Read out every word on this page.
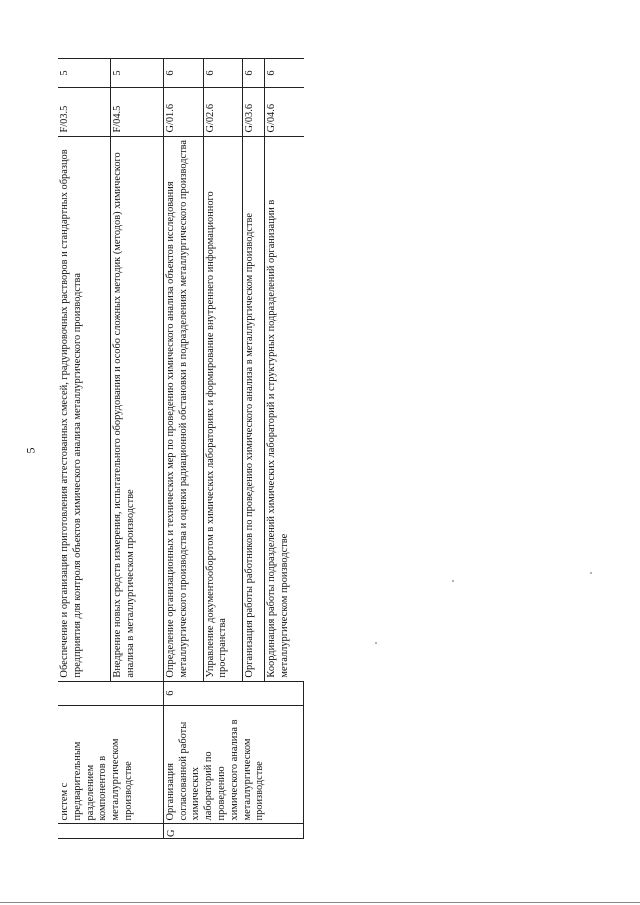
5
	систем с предварительным разделением компонентов в металлургическом производстве		Обеспечение и организация приготовления аттестованных смесей, градуировочных растворов и стандартных образцов предприятия для контроля объектов химического анализа металлургического производства	F/03.5	5
			Внедрение новых средств измерения, испытательного оборудования и особо сложных методик (методов) химического анализа в металлургическом производстве	F/04.5	5
G	Организация согласованной работы химических лабораторий по проведению химического анализа в металлургическом производстве	6	Определение организационных и технических мер по проведению химического анализа объектов исследования металлургического производства и оценки радиационной обстановки в подразделениях металлургического производства	G/01.6	6
			Управление документооборотом в химических лабораториях и формирование внутреннего информационного пространства	G/02.6	6
			Организация работы работников по проведению химического анализа в металлургическом производстве	G/03.6	6
			Координация работы подразделений химических лабораторий и структурных подразделений организации в металлургическом производстве	G/04.6	6
